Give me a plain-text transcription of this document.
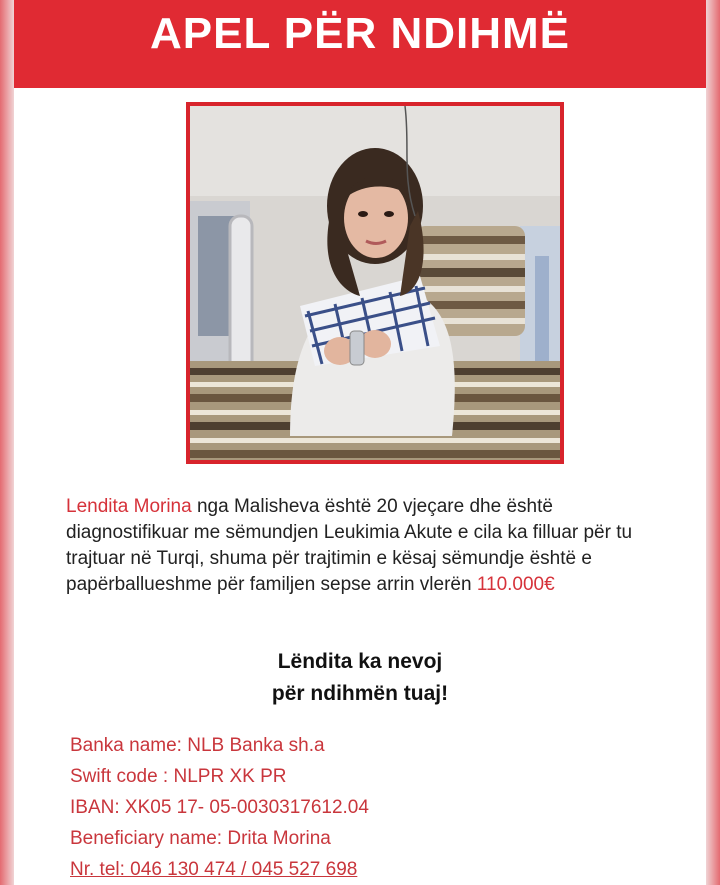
APEL PËR NDIHMË
Lendita Morina nga Malisheva është 20 vjeçare dhe është diagnostifikuar me sëmundjen Leukimia Akute e cila ka filluar për tu trajtuar në Turqi, shuma për trajtimin e kësaj sëmundje është e papërballueshme për familjen sepse arrin vlerën 110.000€
Lëndita ka nevoj
për ndihmën tuaj!
Banka name: NLB Banka sh.a
Swift code : NLPR XK PR
IBAN: XK05 17- 05-0030317612.04
Beneficiary name: Drita Morina
Nr. tel: 046 130 474 / 045 527 698
